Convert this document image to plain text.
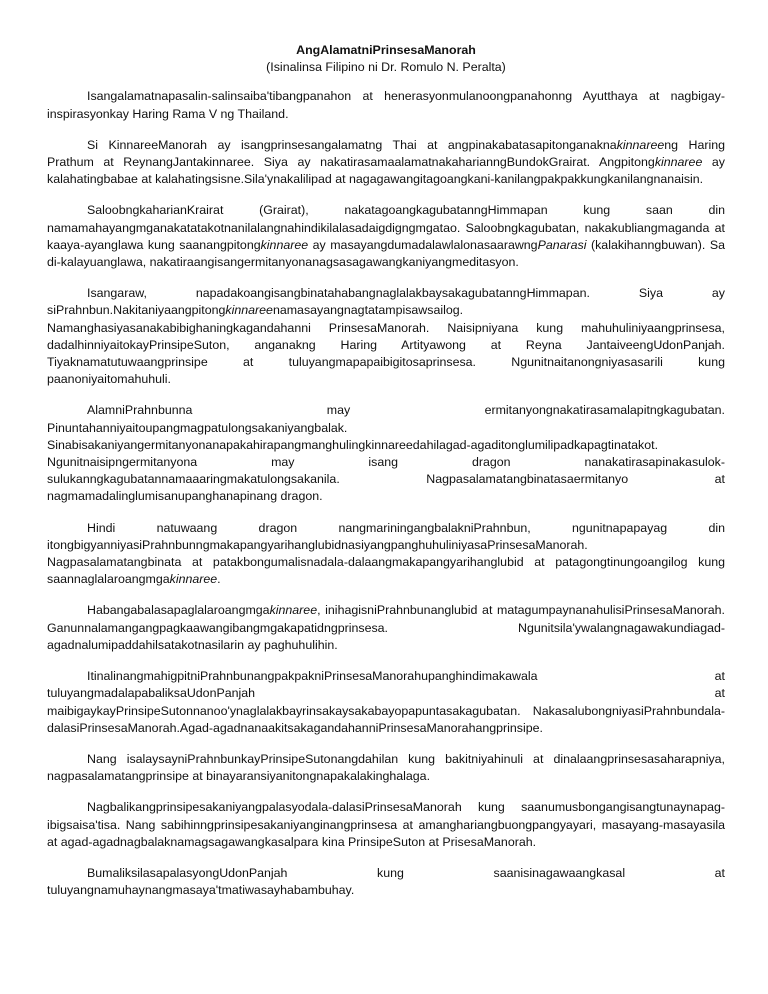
AngAlamatniPrinsesaManorah

(Isinalinsa Filipino ni Dr. Romulo N. Peralta)

Isangalamatnapasalin-salinsaiba'tibangpanahon at henerasyonmulanoongpanahonng Ayutthaya at nagbigay-inspirasyonkay Haring Rama V ng Thailand.

Si KinnareeManorah ay isangprinsesangalamatng Thai at angpinakabatasapitonganaknakinnareeng Haring Prathum at ReynangJantakinnaree. Siya ay nakatirasamaalamatnakaharianngBundokGrairat. Angpitongkinnaree ay kalahatingbabae at kalahatingsisne.Sila'ynakalilipad at nagagawangitagoangkani-kanilangpakpakkungkanilangnanaisin.

SaloobngkaharianKrairat (Grairat), nakatagoangkagubatanngHimmapan kung saan din namamahayangmganakatatakotnanilalangnahindikilalasadaigdigngmgatao. Saloobngkagubatan, nakakubliangmaganda at kaaya-ayanglawa kung saanangpitongkinnaree ay masayangdumadalawlalonasaarawngPanarasi (kalakihanngbuwan). Sa di-kalayuanglawa, nakatiraangisangermitanyonanagsasagawangkaniyangmeditasyon.

Isangaraw, napadakoangisangbinatahabangnaglalakbaysakagubatanngHimmapan. Siya ay siPrahnbun.Nakitaniyaangpitongkinnareenamasayangnagtatampisawsailog. Namanghasiyasanakabibighaningkagandahanni PrinsesaManorah. Naisipniyana kung mahuhuliniyaangprinsesa, dadalhinniyaitokayPrinsipeSuton, anganakng Haring Artityawong at Reyna JantaiveengUdonPanjah. Tiyaknamatutuwaangprinsipe at tuluyangmapapaibigitosaprinsesa. Ngunitnaitanongniyasasarili kung paanoniyaitomahuhuli.

AlamniPrahnbunna may ermitanyongnakatirasamalapitngkagubatan. Pinuntahanniyaitoupangmagpatulongsakaniyangbalak. Sinabisakaniyangermitanyonanapakahirapangmanghulingkinnareedahilagad-agaditonglumilipadkapagtinatakot. Ngunitnaisipngermitanyona may isang dragon nanakatirasapinakasulok-sulukanngkagubatannamaaaringmakatulongsakanila. Nagpasalamatangbinatasaermitanyo at nagmamadalinglumisanupanghanapinang dragon.

Hindi natuwaang dragon nangmariningangbalakniPrahnbun, ngunitnapapayag din itongbigyanniyasiPrahnbunngmakapangyarihanglubidnasiyangpanghuhuliniyasaPrinsesaManorah. Nagpasalamatangbinata at patakbongumalisnadala-dalaangmakapangyarihanglubid at patagongtinungoangilog kung saannaglalaroangmgakinnaree.

Habangabalasapaglalaroangmgakinnaree, inihagisniPrahnbunanglubid at matagumpaynanahulisiPrinsesaManorah. Ganunnalamangangpagkaawangibangmgakapatidngprinsesa. Ngunitsila'ywalangnagawakundiagad-agadnalumipaddahilsatakotnasilarin ay paghuhulihin.

ItinalinangmahigpitniPrahnbunangpakpakniPrinsesaManorahupanghindimakawala at tuluyangmadalapabaliksaUdonPanjah at maibigaykayPrinsipeSutonnanoo'ynaglalakbayrinsakaysakabayopapuntasakagubatan. NakasalubongniyasiPrahnbundala-dalasiPrinsesaManorah.Agad-agadnanaakitsakagandahanniPrinsesaManorahangprinsipe.

Nang isalaysayniPrahnbunkayPrinsipeSutonangdahilan kung bakitniyahinuli at dinalaangprinsesasaharapniya, nagpasalamatangprinsipe at binayaransiyanitongnapakalakinghalaga.

Nagbalikangprinsipesakaniyangpalasyodala-dalasiPrinsesaManorah kung saanumusbongangisangtunaynapag-ibigsaisa'tisa. Nang sabihinngprinsipesakaniyanginangprinsesa at amanghariangbuongpangyayari, masayang-masayasila at agad-agadnagbalaknamagsagawangkasalpara kina PrinsipeSuton at PrisesaManorah.

BumaliksilasapalasyongUdonPanjah kung saanisinagawaangkasal at tuluyangnamuhaynangmasaya'tmatiwasayhabambuhay.
